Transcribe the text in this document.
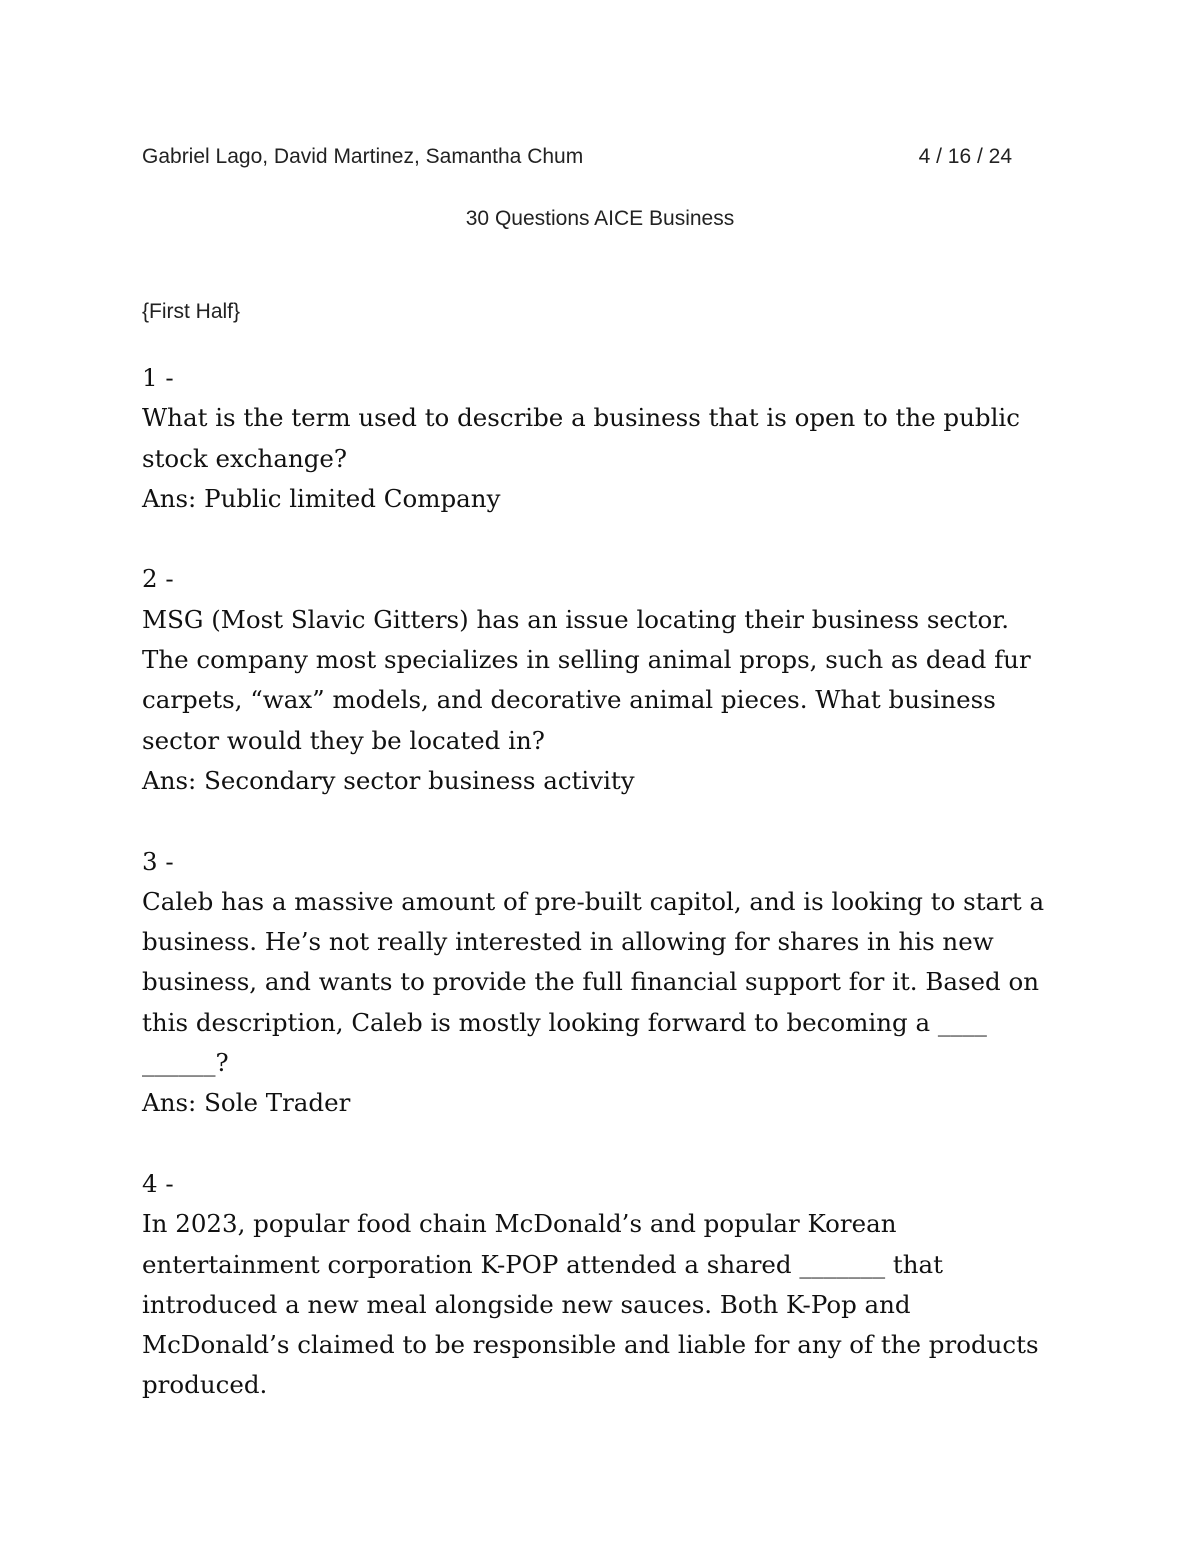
Gabriel Lago, David Martinez, Samantha Chum	4 / 16 / 24
30 Questions AICE Business
{First Half}
1 -
What is the term used to describe a business that is open to the public stock exchange?
Ans: Public limited Company
2 -
MSG (Most Slavic Gitters) has an issue locating their business sector. The company most specializes in selling animal props, such as dead fur carpets, “wax” models, and decorative animal pieces. What business sector would they be located in?
Ans: Secondary sector business activity
3 -
Caleb has a massive amount of pre-built capitol, and is looking to start a business. He’s not really interested in allowing for shares in his new business, and wants to provide the full financial support for it. Based on this description, Caleb is mostly looking forward to becoming a ____ ______?
Ans: Sole Trader
4 -
In 2023, popular food chain McDonald’s and popular Korean entertainment corporation K-POP attended a shared _______ that introduced a new meal alongside new sauces. Both K-Pop and McDonald’s claimed to be responsible and liable for any of the products produced.
